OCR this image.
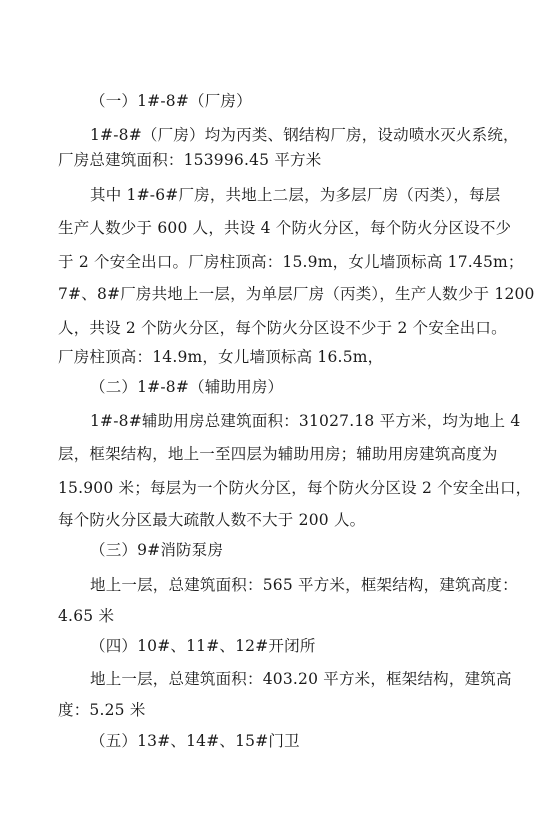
（一）1#-8#（厂房）
1#-8#（厂房）均为丙类、钢结构厂房，设动喷水灭火系统，
厂房总建筑面积：153996.45 平方米
其中 1#-6#厂房，共地上二层，为多层厂房（丙类），每层
生产人数少于 600 人，共设 4 个防火分区，每个防火分区设不少
于 2 个安全出口。厂房柱顶高：15.9m，女儿墙顶标高 17.45m；
7#、8#厂房共地上一层，为单层厂房（丙类），生产人数少于 1200
人，共设 2 个防火分区，每个防火分区设不少于 2 个安全出口。
厂房柱顶高：14.9m，女儿墙顶标高 16.5m，
（二）1#-8#（辅助用房）
1#-8#辅助用房总建筑面积：31027.18 平方米，均为地上 4
层，框架结构，地上一至四层为辅助用房；辅助用房建筑高度为
15.900 米；每层为一个防火分区，每个防火分区设 2 个安全出口，
每个防火分区最大疏散人数不大于 200 人。
（三）9#消防泵房
地上一层，总建筑面积：565 平方米，框架结构，建筑高度：
4.65 米
（四）10#、11#、12#开闭所
地上一层，总建筑面积：403.20 平方米，框架结构，建筑高
度：5.25 米
（五）13#、14#、15#门卫
